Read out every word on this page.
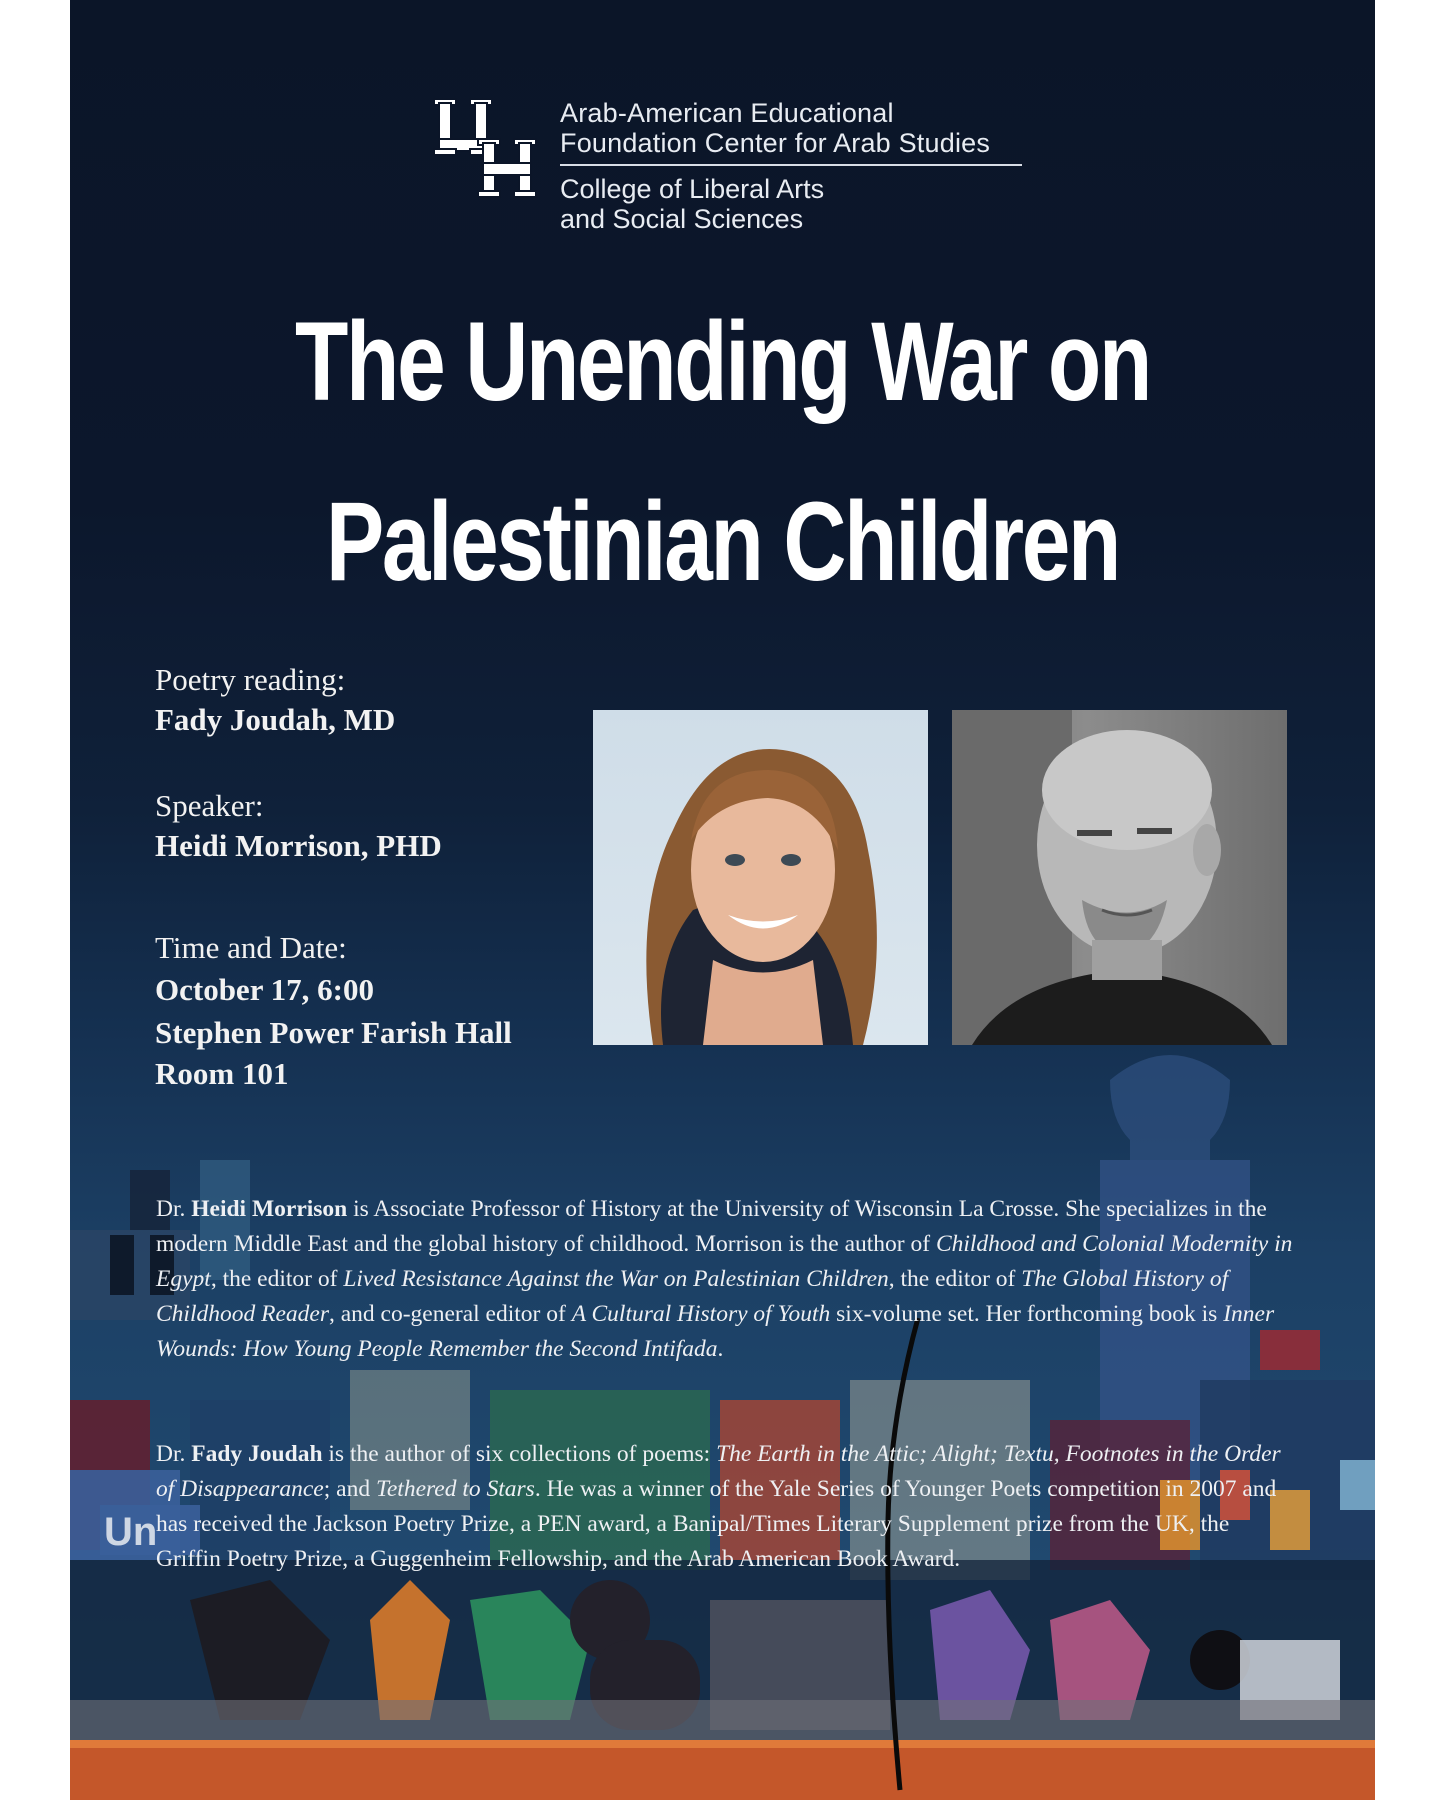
Un
Arab-American Educational
Foundation Center for Arab Studies
College of Liberal Arts
and Social Sciences
The Unending War on
Palestinian Children
Poetry reading:
Fady Joudah, MD
Speaker:
Heidi Morrison, PHD
Time and Date:
October 17, 6:00
Stephen Power Farish Hall
Room 101
Dr. Heidi Morrison is Associate Professor of History at the University of Wisconsin La Crosse. She specializes in the modern Middle East and the global history of childhood. Morrison is the author of Childhood and Colonial Modernity in Egypt, the editor of Lived Resistance Against the War on Palestinian Children, the editor of The Global History of Childhood Reader, and co-general editor of A Cultural History of Youth six-volume set. Her forthcoming book is Inner Wounds: How Young People Remember the Second Intifada.
Dr. Fady Joudah is the author of six collections of poems: The Earth in the Attic; Alight; Textu, Footnotes in the Order of Disappearance; and Tethered to Stars. He was a winner of the Yale Series of Younger Poets competition in 2007 and has received the Jackson Poetry Prize, a PEN award, a Banipal/Times Literary Supplement prize from the UK, the Griffin Poetry Prize, a Guggenheim Fellowship, and the Arab American Book Award.
